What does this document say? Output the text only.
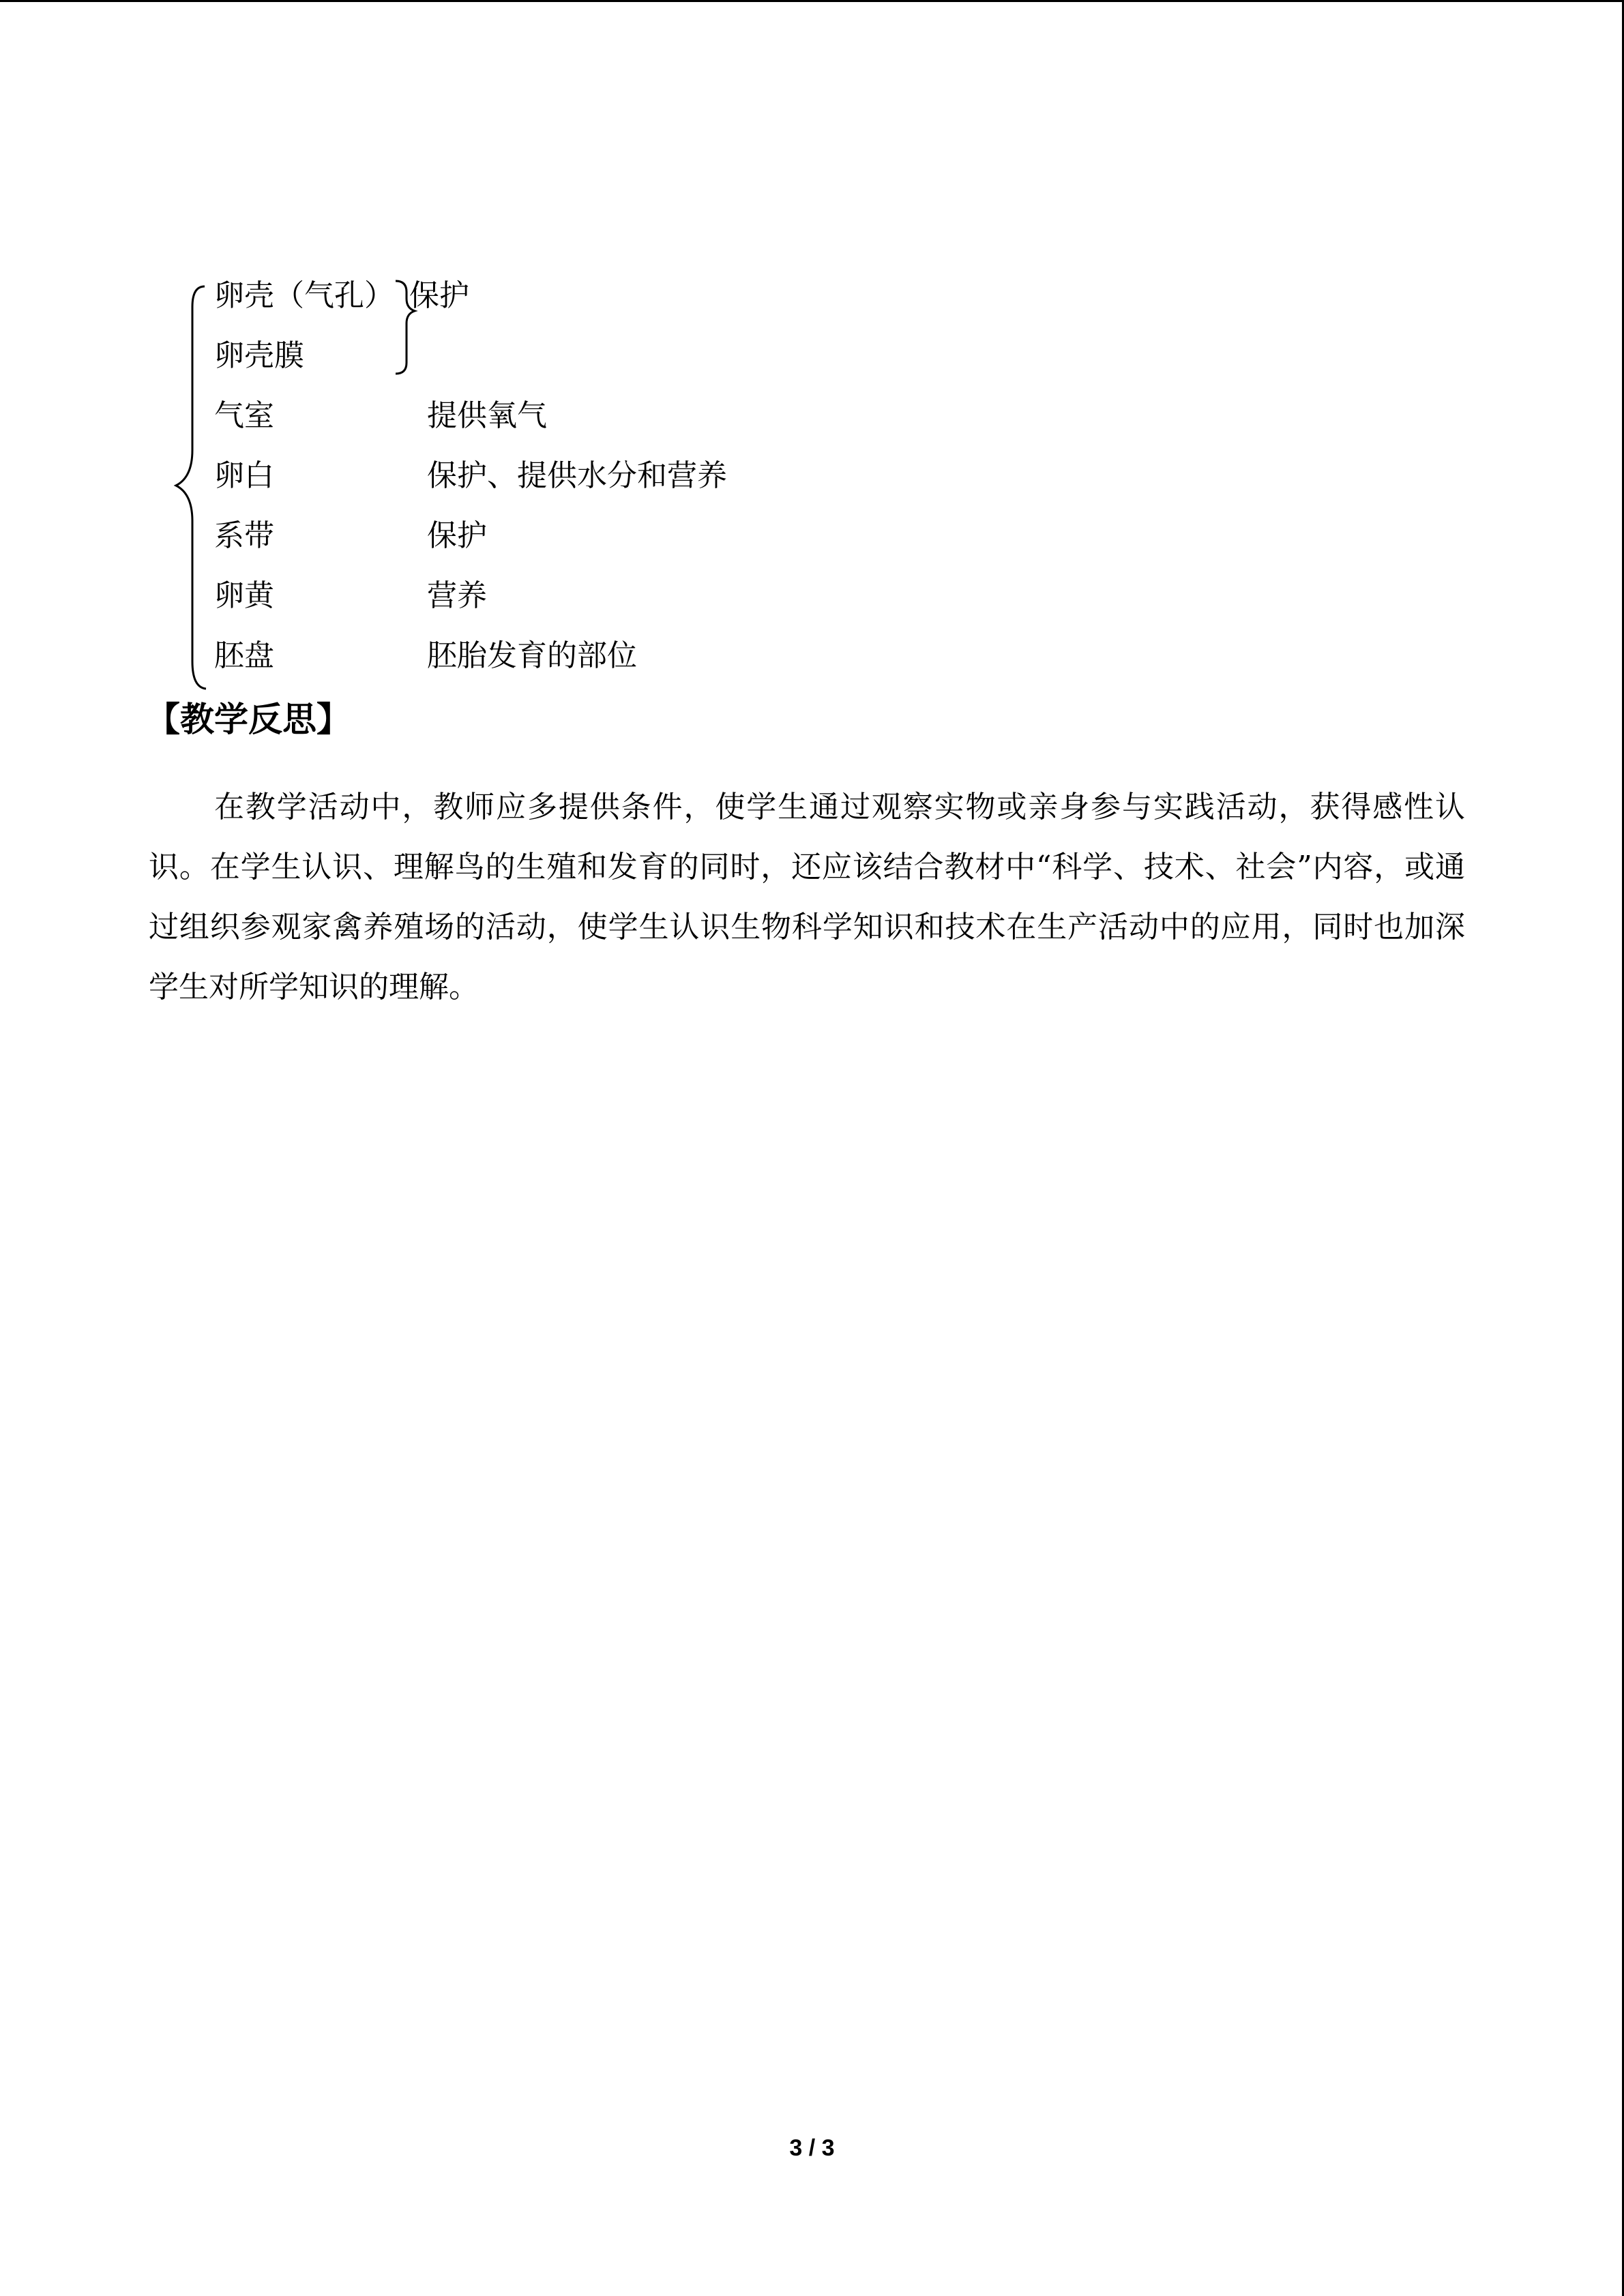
卵壳（气孔） 保护
卵壳膜
气室	提供氧气
卵白	保护、提供水分和营养
系带	保护
卵黄	营养
胚盘	胚胎发育的部位
【教学反思】

在教学活动中，教师应多提供条件，使学生通过观察实物或亲身参与实践活动，获得感性认识。在学生认识、理解鸟的生殖和发育的同时，还应该结合教材中“科学、技术、社会”内容，或通过组织参观家禽养殖场的活动，使学生认识生物科学知识和技术在生产活动中的应用，同时也加深学生对所学知识的理解。

3 / 3
